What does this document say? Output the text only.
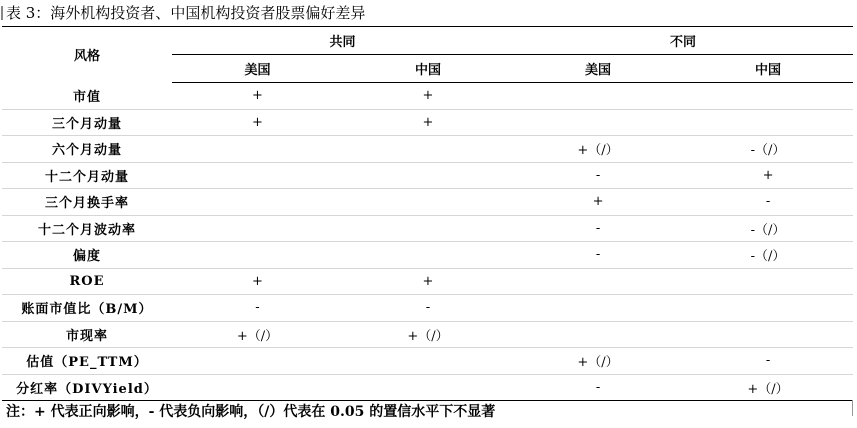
表 3：海外机构投资者、中国机构投资者股票偏好差异
风格	共同		不同	
	美国	中国	美国	中国
市值	+	+		
三个月动量	+	+		
六个月动量			+（/）	-（/）
十二个月动量			-	+
三个月换手率			+	-
十二个月波动率			-	-（/）
偏度			-	-（/）
ROE	+	+		
账面市值比（B/M）	-	-		
市现率	+（/）	+（/）		
估值（PE_TTM）			+（/）	-
分红率（DIVYield）			-	+（/）
注：+ 代表正向影响，- 代表负向影响，（/）代表在 0.05 的置信水平下不显著
